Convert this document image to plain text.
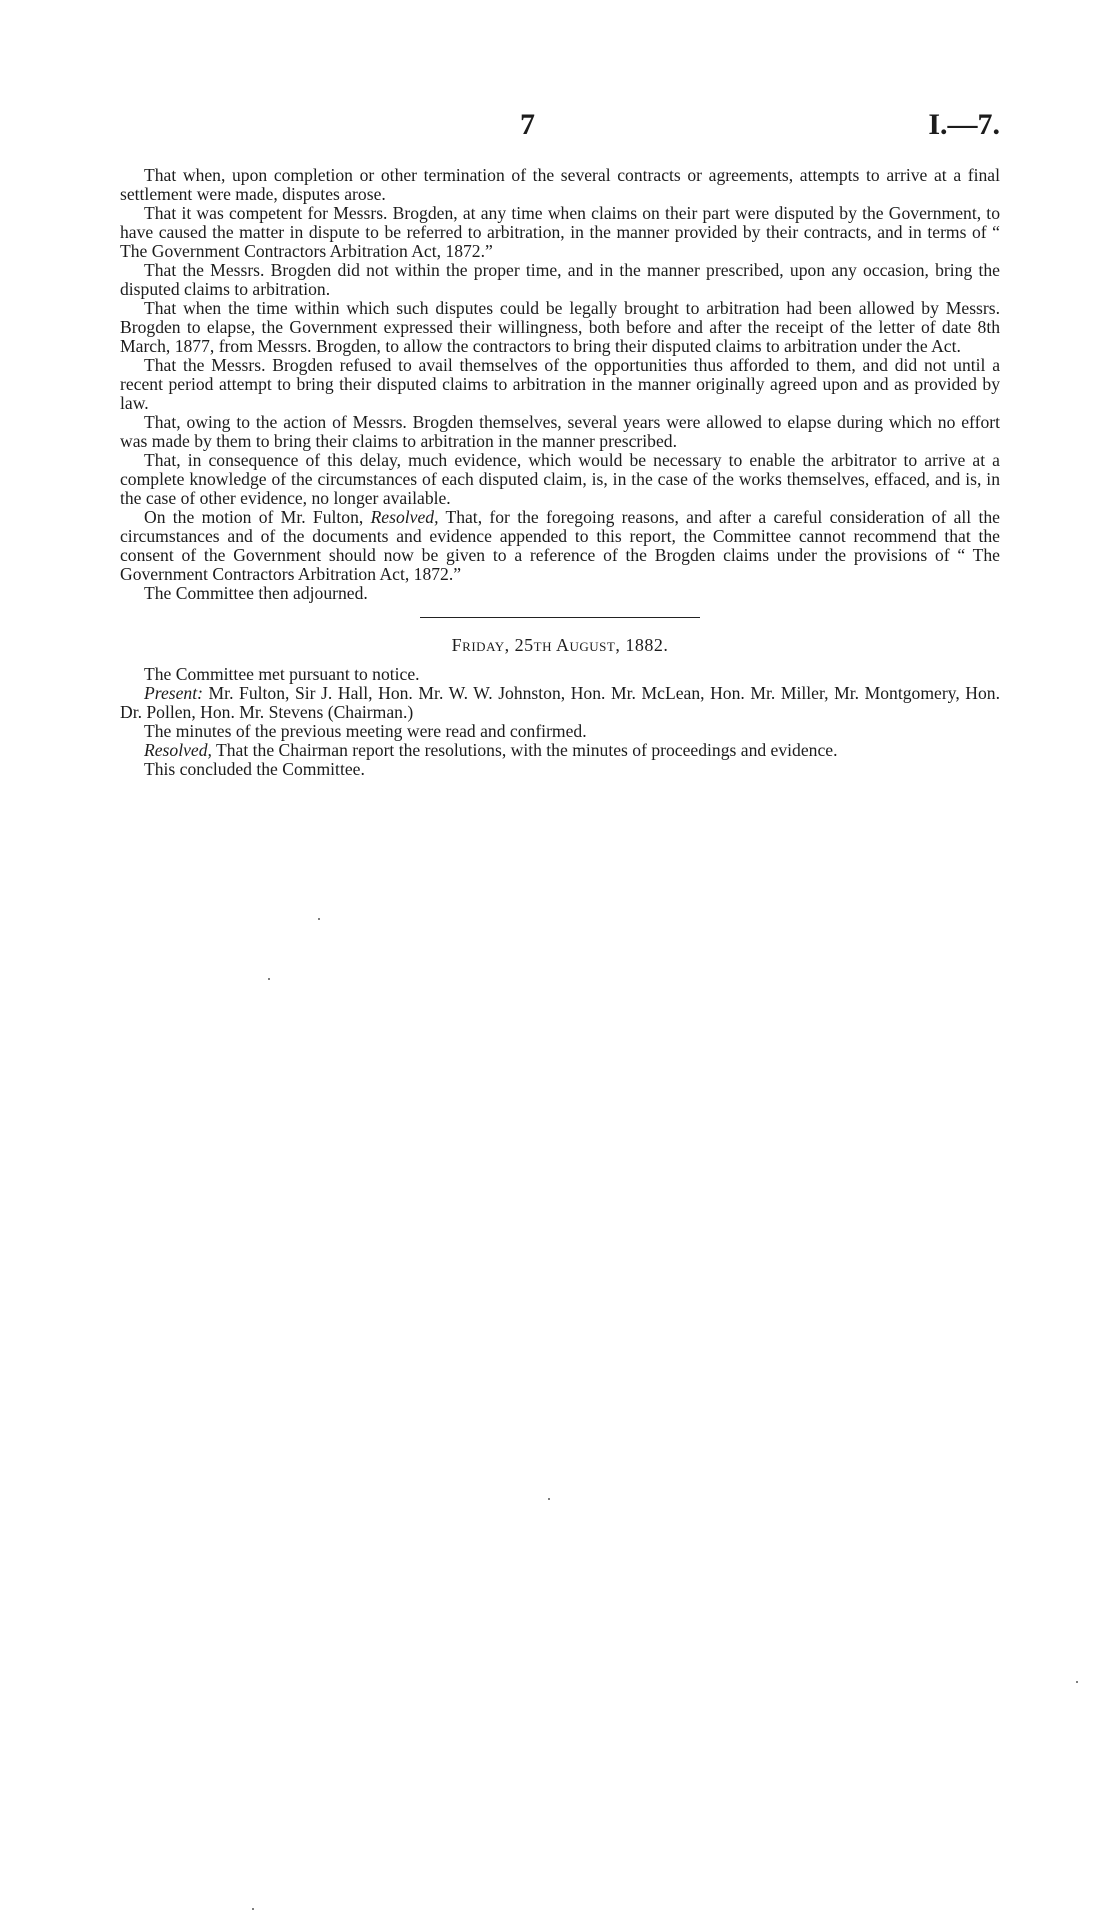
7	I.—7.

That when, upon completion or other termination of the several contracts or agreements, attempts to arrive at a final settlement were made, disputes arose.

That it was competent for Messrs. Brogden, at any time when claims on their part were disputed by the Government, to have caused the matter in dispute to be referred to arbitration, in the manner provided by their contracts, and in terms of “ The Government Contractors Arbitration Act, 1872.”

That the Messrs. Brogden did not within the proper time, and in the manner prescribed, upon any occasion, bring the disputed claims to arbitration.

That when the time within which such disputes could be legally brought to arbitration had been allowed by Messrs. Brogden to elapse, the Government expressed their willingness, both before and after the receipt of the letter of date 8th March, 1877, from Messrs. Brogden, to allow the contractors to bring their disputed claims to arbitration under the Act.

That the Messrs. Brogden refused to avail themselves of the opportunities thus afforded to them, and did not until a recent period attempt to bring their disputed claims to arbitration in the manner originally agreed upon and as provided by law.

That, owing to the action of Messrs. Brogden themselves, several years were allowed to elapse during which no effort was made by them to bring their claims to arbitration in the manner prescribed.

That, in consequence of this delay, much evidence, which would be necessary to enable the arbitrator to arrive at a complete knowledge of the circumstances of each disputed claim, is, in the case of the works themselves, effaced, and is, in the case of other evidence, no longer available.

On the motion of Mr. Fulton, Resolved, That, for the foregoing reasons, and after a careful consideration of all the circumstances and of the documents and evidence appended to this report, the Committee cannot recommend that the consent of the Government should now be given to a reference of the Brogden claims under the provisions of “ The Government Contractors Arbitration Act, 1872.”

The Committee then adjourned.

Friday, 25th August, 1882.

The Committee met pursuant to notice.

Present: Mr. Fulton, Sir J. Hall, Hon. Mr. W. W. Johnston, Hon. Mr. McLean, Hon. Mr. Miller, Mr. Montgomery, Hon. Dr. Pollen, Hon. Mr. Stevens (Chairman.)

The minutes of the previous meeting were read and confirmed.

Resolved, That the Chairman report the resolutions, with the minutes of proceedings and evidence.

This concluded the Committee.
